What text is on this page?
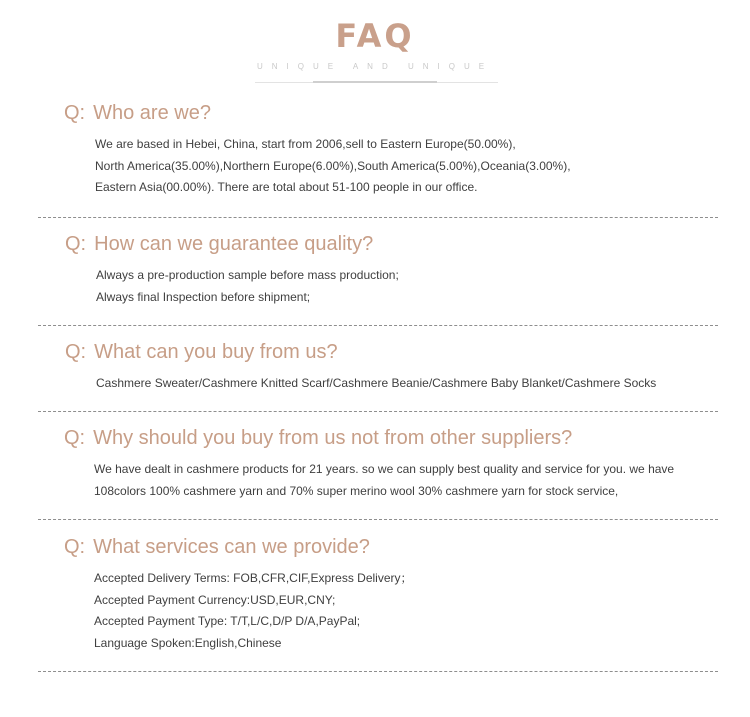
FAQ
UNIQUE AND UNIQUE
Q: Who are we?
We are based in Hebei, China, start from 2006,sell to Eastern Europe(50.00%),
North America(35.00%),Northern Europe(6.00%),South America(5.00%),Oceania(3.00%),
Eastern Asia(00.00%). There are total about 51-100 people in our office.
Q: How can we guarantee quality?
Always a pre-production sample before mass production;
Always final Inspection before shipment;
Q: What can you buy from us?
Cashmere Sweater/Cashmere Knitted Scarf/Cashmere Beanie/Cashmere Baby Blanket/Cashmere Socks
Q: Why should you buy from us not from other suppliers?
We have dealt in cashmere products for 21 years. so we can supply best quality and service for you. we have
108colors 100% cashmere yarn and 70% super merino wool 30% cashmere yarn for stock service,
Q: What services can we provide?
Accepted Delivery Terms: FOB,CFR,CIF,Express Delivery；
Accepted Payment Currency:USD,EUR,CNY;
Accepted Payment Type: T/T,L/C,D/P D/A,PayPal;
Language Spoken:English,Chinese
